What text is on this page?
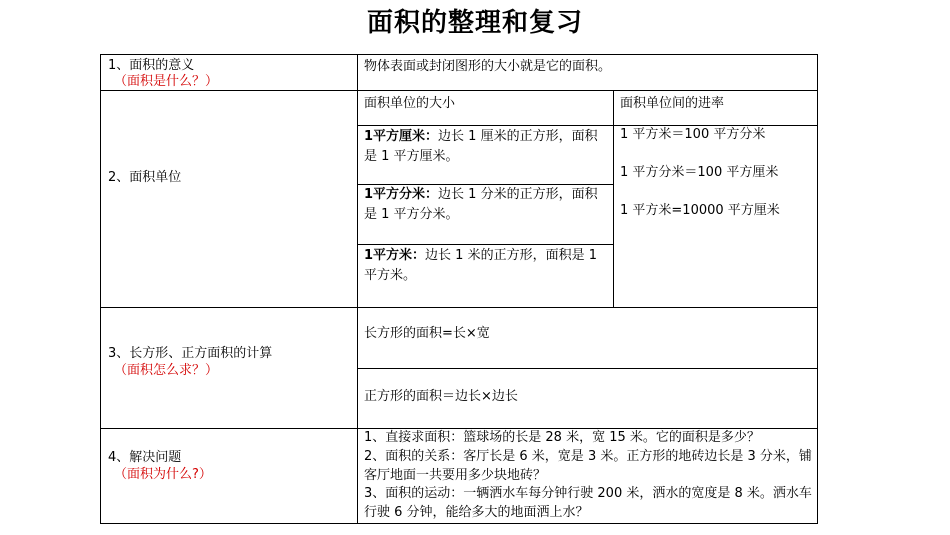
面积的整理和复习
1、面积的意义
（面积是什么？）
物体表面或封闭图形的大小就是它的面积。
2、面积单位
面积单位的大小	面积单位间的进率
1平方厘米：边长 1 厘米的正方形，面积是 1 平方厘米。
1平方分米：边长 1 分米的正方形，面积是 1 平方分米。
1平方米：边长 1 米的正方形，面积是 1 平方米。
1 平方米＝100 平方分米
1 平方分米＝100 平方厘米
1 平方米=10000 平方厘米
3、长方形、正方面积的计算
（面积怎么求？）
长方形的面积=长×宽
正方形的面积＝边长×边长
4、解决问题
（面积为什么?）
1、直接求面积：篮球场的长是 28 米，宽 15 米。它的面积是多少？
2、面积的关系：客厅长是 6 米，宽是 3 米。正方形的地砖边长是 3 分米，铺客厅地面一共要用多少块地砖？
3、面积的运动：一辆洒水车每分钟行驶 200 米，洒水的宽度是 8 米。洒水车行驶 6 分钟，能给多大的地面洒上水？
